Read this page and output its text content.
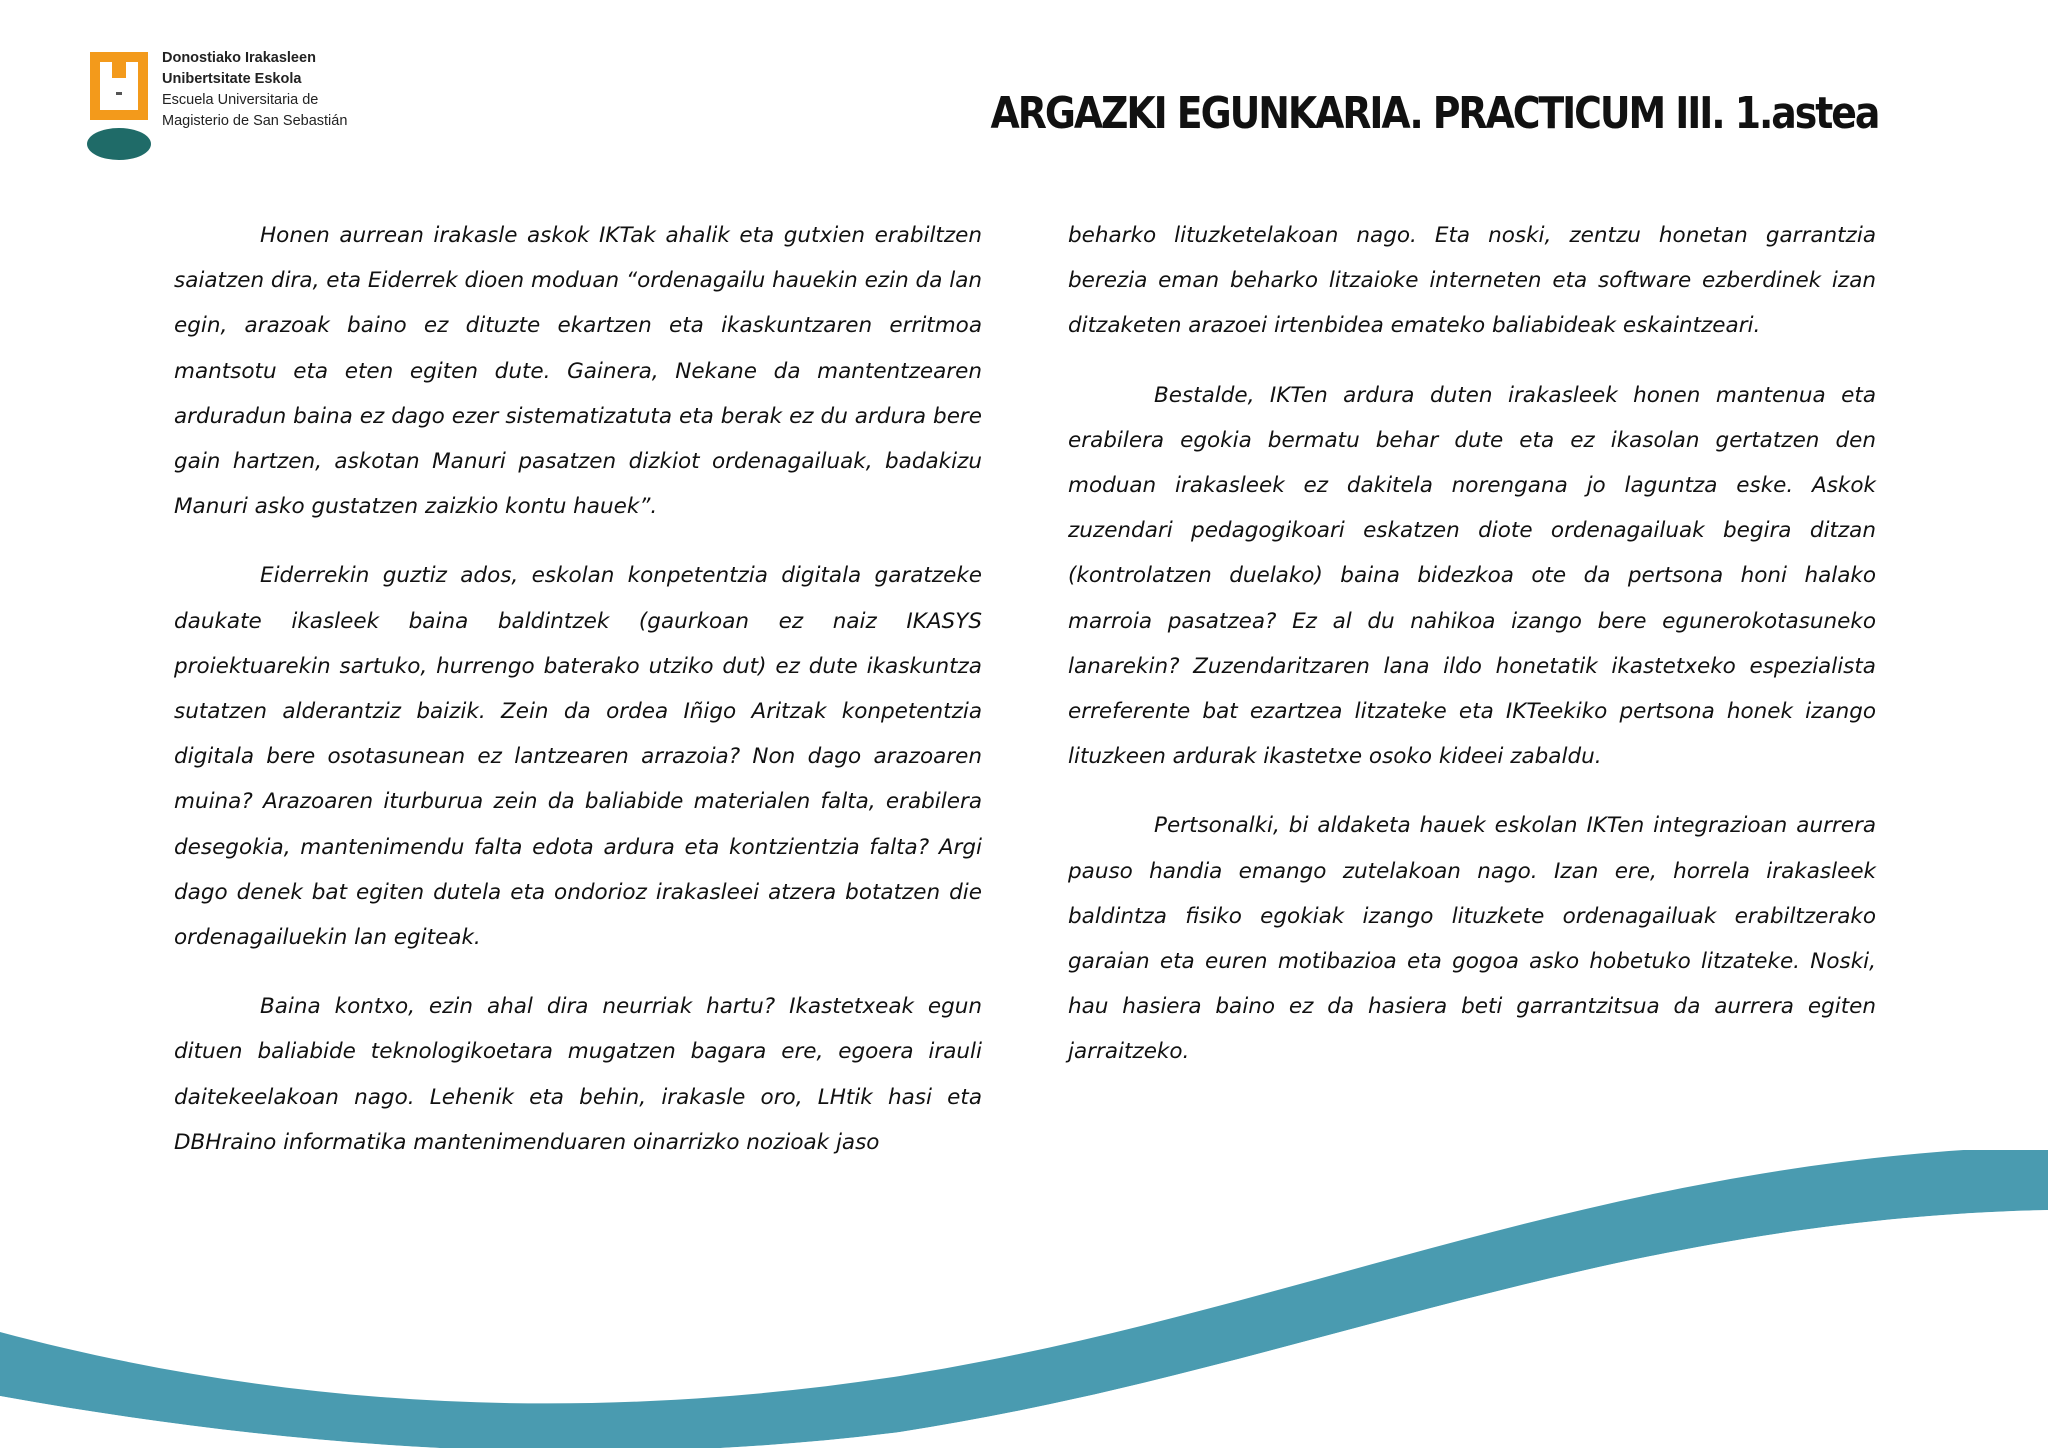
Donostiako Irakasleen
Unibertsitate Eskola
Escuela Universitaria de
Magisterio de San Sebastián	ARGAZKI EGUNKARIA. PRACTICUM III. 1.astea

Honen aurrean irakasle askok IKTak ahalik eta gutxien erabiltzen saiatzen dira, eta Eiderrek dioen moduan “ordenagailu hauekin ezin da lan egin, arazoak baino ez dituzte ekartzen eta ikaskuntzaren erritmoa mantsotu eta eten egiten dute. Gainera, Nekane da mantentzearen arduradun baina ez dago ezer sistematizatuta eta berak ez du ardura bere gain hartzen, askotan Manuri pasatzen dizkiot ordenagailuak, badakizu Manuri asko gustatzen zaizkio kontu hauek”.

Eiderrekin guztiz ados, eskolan konpetentzia digitala garatzeke daukate ikasleek baina baldintzek (gaurkoan ez naiz IKASYS proiektuarekin sartuko, hurrengo baterako utziko dut) ez dute ikaskuntza sutatzen alderantziz baizik. Zein da ordea Iñigo Aritzak konpetentzia digitala bere osotasunean ez lantzearen arrazoia? Non dago arazoaren muina? Arazoaren iturburua zein da baliabide materialen falta, erabilera desegokia, mantenimendu falta edota ardura eta kontzientzia falta? Argi dago denek bat egiten dutela eta ondorioz irakasleei atzera botatzen die ordenagailuekin lan egiteak.

Baina kontxo, ezin ahal dira neurriak hartu? Ikastetxeak egun dituen baliabide teknologikoetara mugatzen bagara ere, egoera irauli daitekeelakoan nago. Lehenik eta behin, irakasle oro, LHtik hasi eta DBHraino informatika mantenimenduaren oinarrizko nozioak jaso

beharko lituzketelakoan nago. Eta noski, zentzu honetan garrantzia berezia eman beharko litzaioke interneten eta software ezberdinek izan ditzaketen arazoei irtenbidea emateko baliabideak eskaintzeari.

Bestalde, IKTen ardura duten irakasleek honen mantenua eta erabilera egokia bermatu behar dute eta ez ikasolan gertatzen den moduan irakasleek ez dakitela norengana jo laguntza eske. Askok zuzendari pedagogikoari eskatzen diote ordenagailuak begira ditzan (kontrolatzen duelako) baina bidezkoa ote da pertsona honi halako marroia pasatzea? Ez al du nahikoa izango bere egunerokotasuneko lanarekin? Zuzendaritzaren lana ildo honetatik ikastetxeko espezialista erreferente bat ezartzea litzateke eta IKTeekiko pertsona honek izango lituzkeen ardurak ikastetxe osoko kideei zabaldu.

Pertsonalki, bi aldaketa hauek eskolan IKTen integrazioan aurrera pauso handia emango zutelakoan nago. Izan ere, horrela irakasleek baldintza fisiko egokiak izango lituzkete ordenagailuak erabiltzerako garaian eta euren motibazioa eta gogoa asko hobetuko litzateke. Noski, hau hasiera baino ez da hasiera beti garrantzitsua da aurrera egiten jarraitzeko.
